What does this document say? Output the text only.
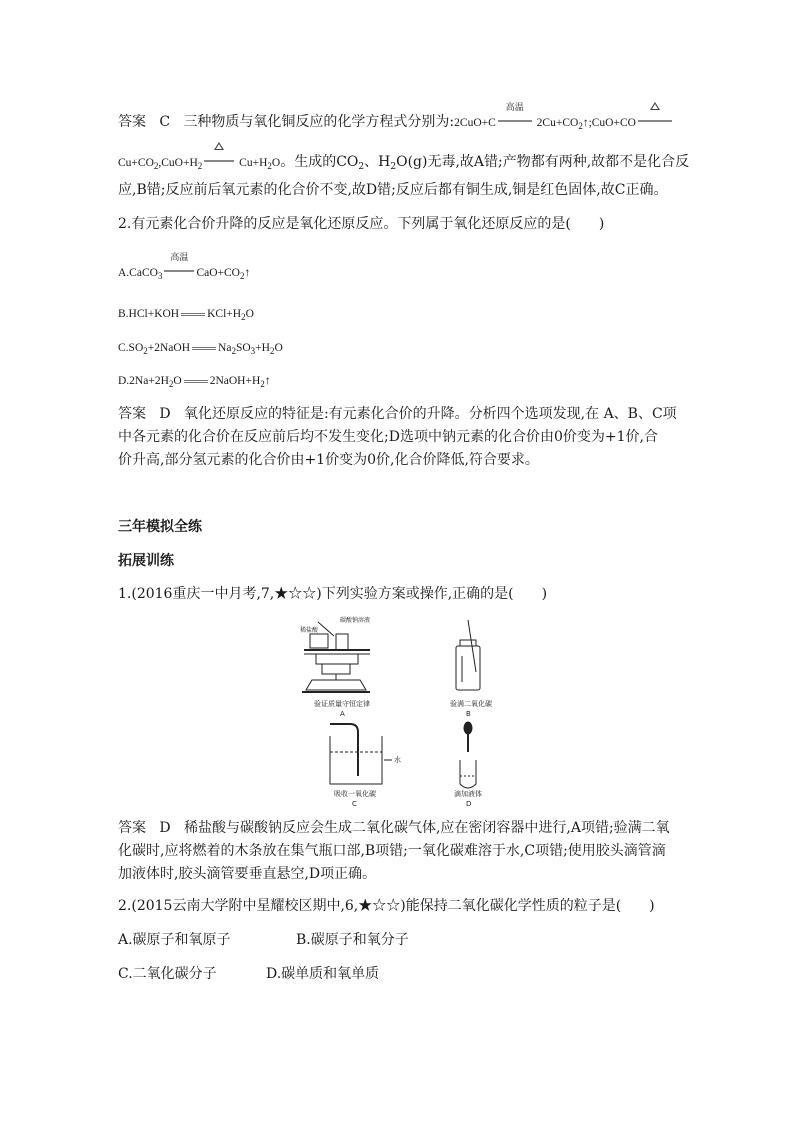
答案 C 三种物质与氧化铜反应的化学方程式分别为:2CuO+C
高温
$2Cu+CO_2↑;CuO+CO$
$Cu+CO_2,CuO+H_2$	$Cu+H_2O$。生成的$CO_2$、$H_2O(g)$无毒,故A错;产物都有两种,故都不是化合反
应,B错;反应前后氧元素的化合价不变,故D错;反应后都有铜生成,铜是红色固体,故C正确。
2.有元素化合价升降的反应是氧化还原反应。下列属于氧化还原反应的是(　　)
A.CaCO$_3$
高温
$CaO+CO_2↑$
B.HCl+KOH $KCl+H_2O$
$C.SO_2+2NaOH$ $Na_2SO_3+H_2O$
$D.2Na+2H_2O$ $2NaOH+H_2↑$
答案 D 氧化还原反应的特征是:有元素化合价的升降。分析四个选项发现,在 A、B、C项
中各元素的化合价在反应前后均不发生变化;D选项中钠元素的化合价由0价变为+1价,合
价升高,部分氢元素的化合价由+1价变为0价,化合价降低,符合要求。
三年模拟全练
拓展训练
1.(2016重庆一中月考,7,★☆☆)下列实验方案或操作,正确的是(　　)
稀盐酸
碳酸钠溶液
验证质量守恒定律
A
验满二氧化碳
B
水
吸收一氧化碳
C
滴加液体
D
答案 D 稀盐酸与碳酸钠反应会生成二氧化碳气体,应在密闭容器中进行,A项错;验满二氧
化碳时,应将燃着的木条放在集气瓶口部,B项错;一氧化碳难溶于水,C项错;使用胶头滴管滴
加液体时,胶头滴管要垂直悬空,D项正确。
2.(2015云南大学附中星耀校区期中,6,★☆☆)能保持二氧化碳化学性质的粒子是(　　)
A.碳原子和氧原子	B.碳原子和氧分子
C.二氧化碳分子	D.碳单质和氧单质
